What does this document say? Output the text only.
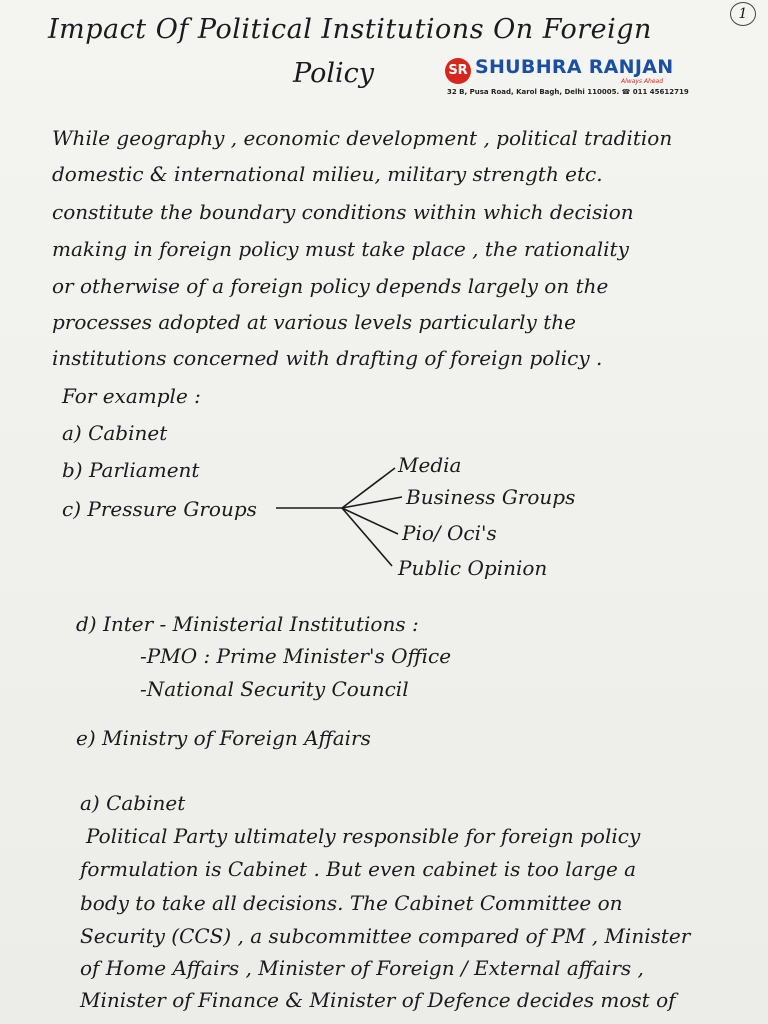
1
Impact Of Political Institutions On Foreign
Policy	SR SHUBHRA RANJAN
Always Ahead
32 B, Pusa Road, Karol Bagh, Delhi 110005. ☎ 011 45612719
While geography , economic development , political tradition
domestic & international milieu, military strength etc.
constitute the boundary conditions within which decision
making in foreign policy must take place , the rationality
or otherwise of a foreign policy depends largely on the
processes adopted at various levels particularly the
institutions concerned with drafting of foreign policy .
For example :
a) Cabinet
b) Parliament
c) Pressure Groups
Media
Business Groups
Pio/ Oci's
Public Opinion
d) Inter - Ministerial Institutions :
-PMO : Prime Minister's Office
-National Security Council
e) Ministry of Foreign Affairs
a) Cabinet
Political Party ultimately responsible for foreign policy
formulation is Cabinet . But even cabinet is too large a
body to take all decisions. The Cabinet Committee on
Security (CCS) , a subcommittee compared of PM , Minister
of Home Affairs , Minister of Foreign / External affairs ,
Minister of Finance & Minister of Defence decides most of
